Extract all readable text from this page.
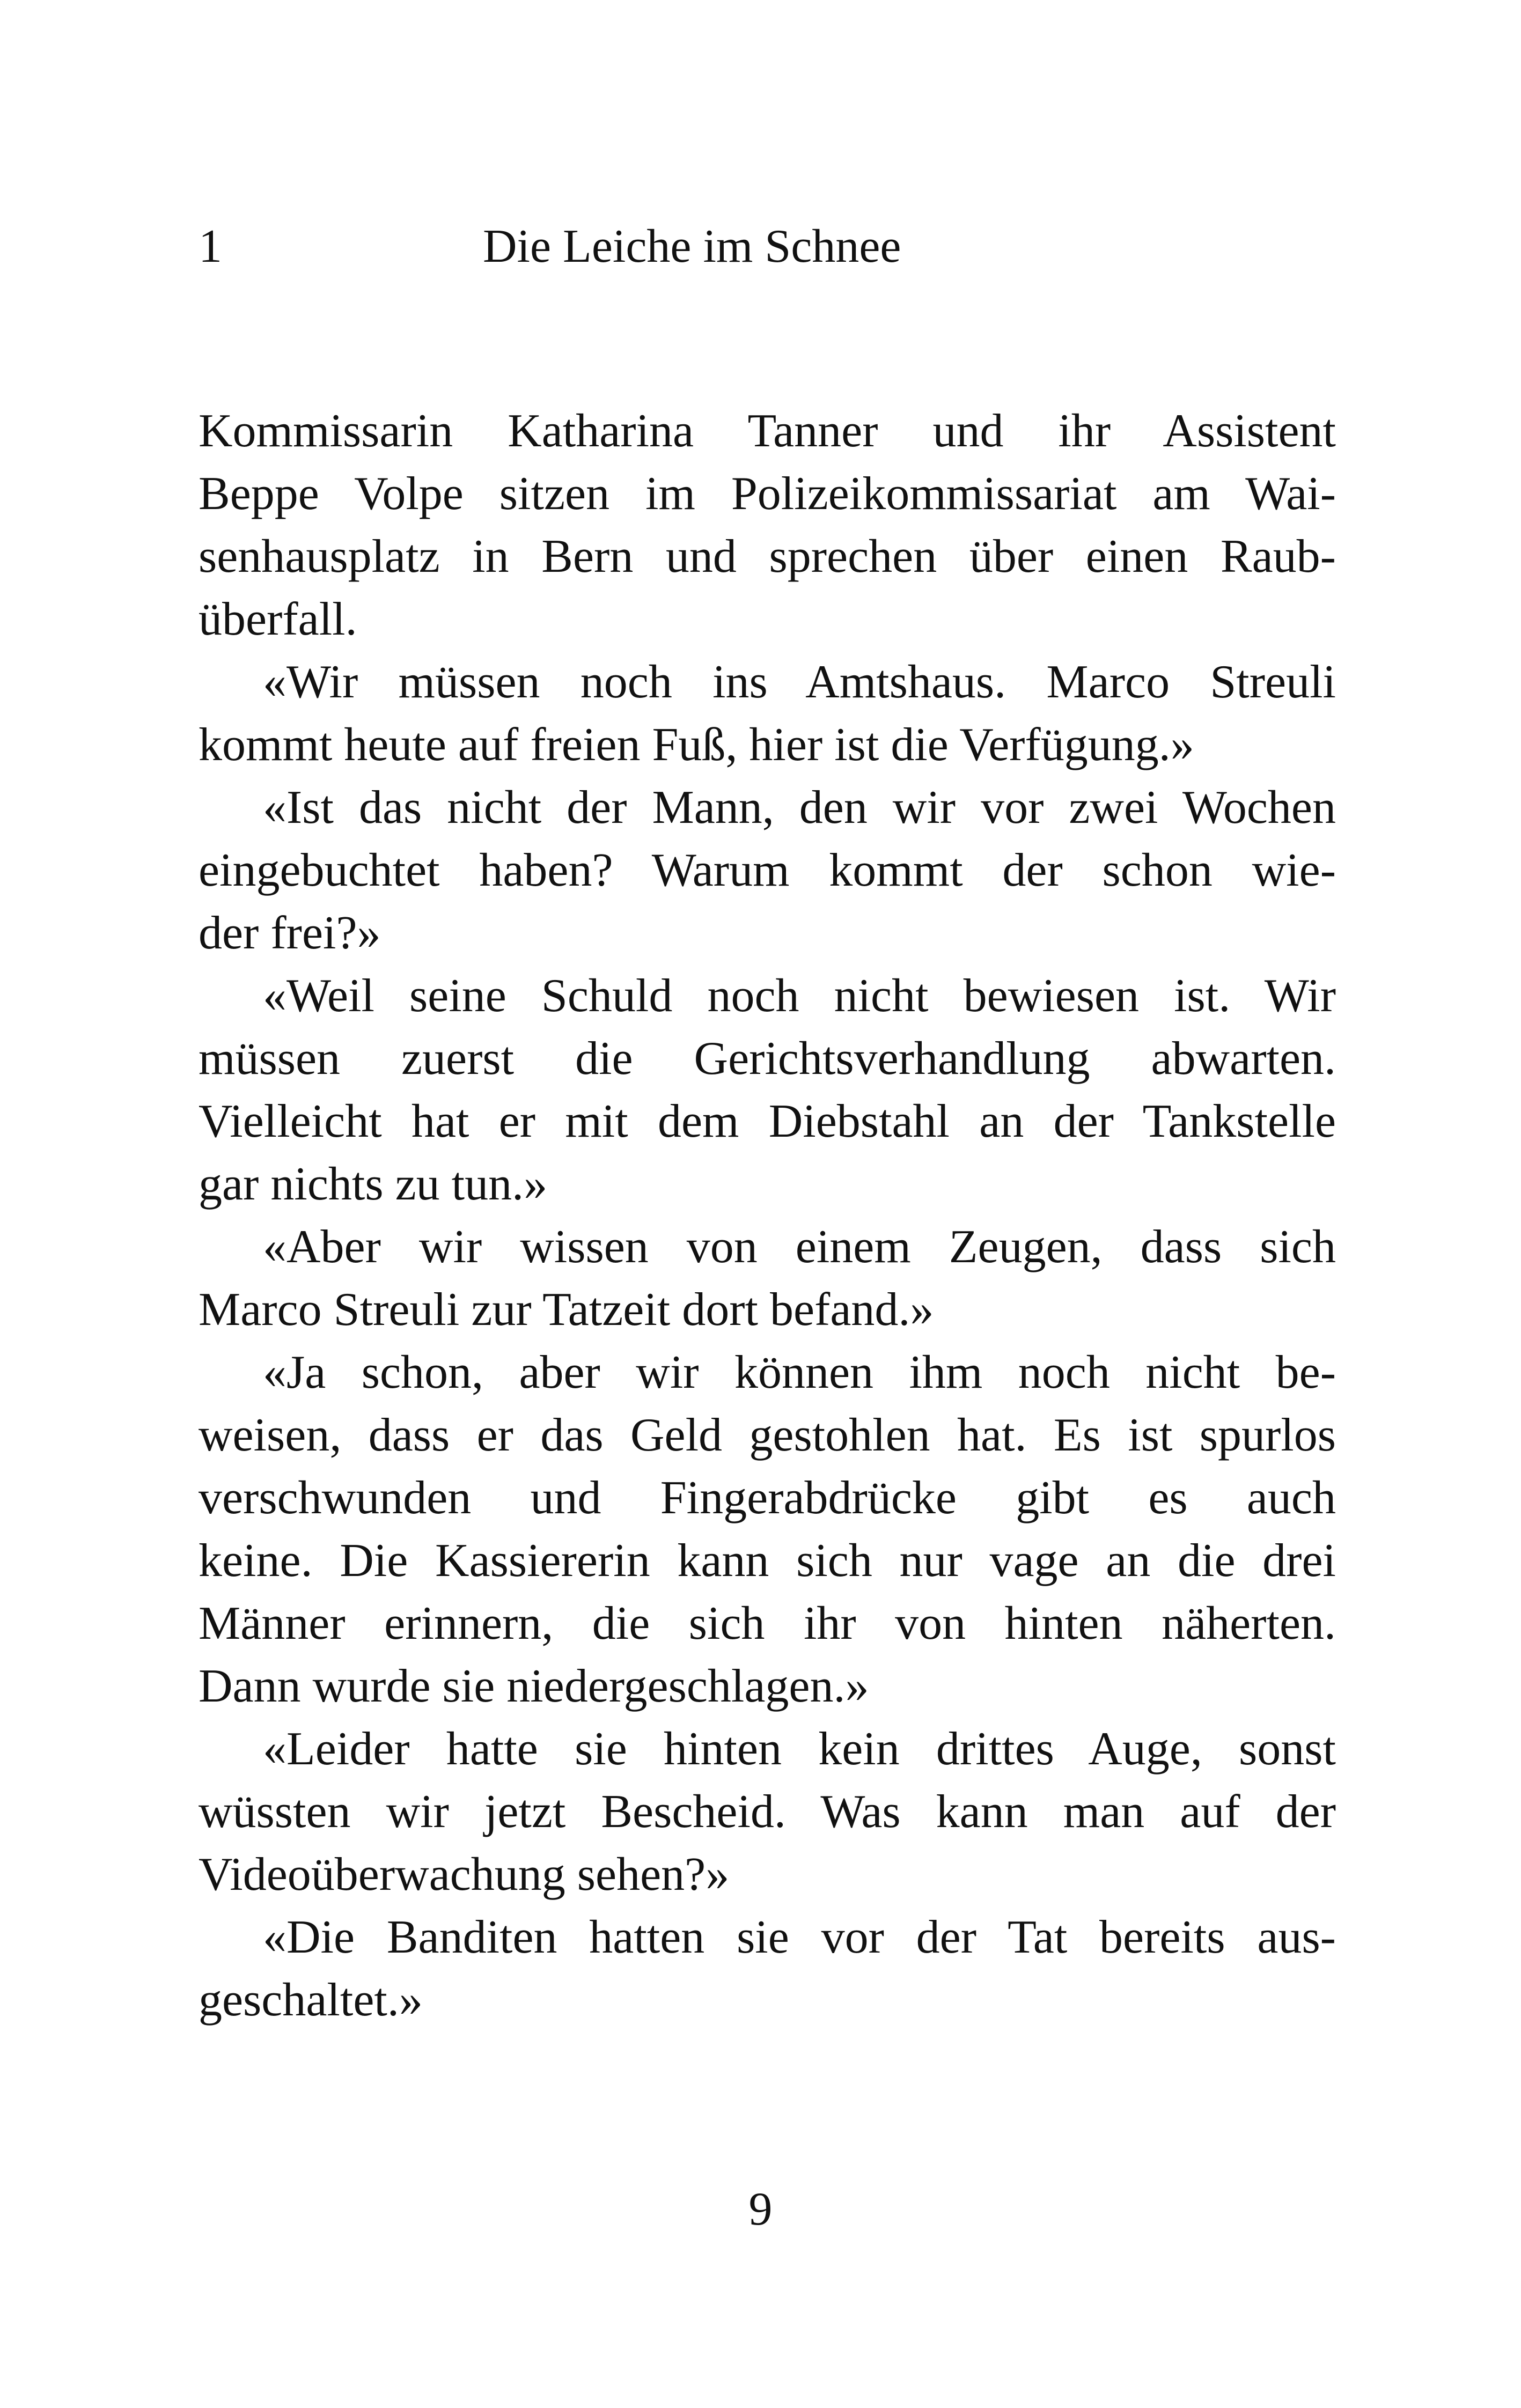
1	Die Leiche im Schnee
Kommissarin Katharina Tanner und ihr Assistent
Beppe Volpe sitzen im Polizeikommissariat am Wai-
senhausplatz in Bern und sprechen über einen Raub-
überfall.
«Wir müssen noch ins Amtshaus. Marco Streuli
kommt heute auf freien Fuß, hier ist die Verfügung.»
«Ist das nicht der Mann, den wir vor zwei Wochen
eingebuchtet haben? Warum kommt der schon wie-
der frei?»
«Weil seine Schuld noch nicht bewiesen ist. Wir
müssen zuerst die Gerichtsverhandlung abwarten.
Vielleicht hat er mit dem Diebstahl an der Tankstelle
gar nichts zu tun.»
«Aber wir wissen von einem Zeugen, dass sich
Marco Streuli zur Tatzeit dort befand.»
«Ja schon, aber wir können ihm noch nicht be-
weisen, dass er das Geld gestohlen hat. Es ist spurlos
verschwunden und Fingerabdrücke gibt es auch
keine. Die Kassiererin kann sich nur vage an die drei
Männer erinnern, die sich ihr von hinten näherten.
Dann wurde sie niedergeschlagen.»
«Leider hatte sie hinten kein drittes Auge, sonst
wüssten wir jetzt Bescheid. Was kann man auf der
Videoüberwachung sehen?»
«Die Banditen hatten sie vor der Tat bereits aus-
geschaltet.»
9
